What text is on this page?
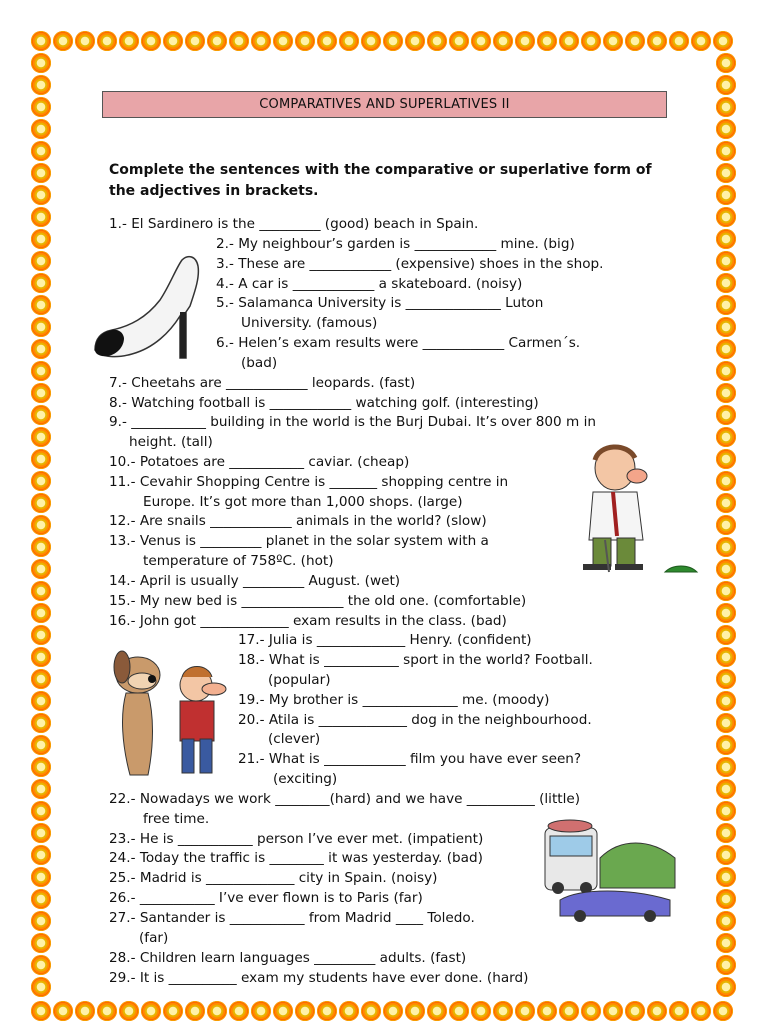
COMPARATIVES AND SUPERLATIVES II
Complete the sentences with the comparative or superlative form of the adjectives in brackets.
1.- El Sardinero is the _________ (good) beach in Spain.
2.- My neighbour’s garden is ____________ mine. (big)
3.- These are ____________ (expensive) shoes in the shop.
4.- A car is ____________ a skateboard. (noisy)
5.- Salamanca University is ______________ Luton
University. (famous)
6.- Helen’s exam results were ____________ Carmen´s.
(bad)
7.- Cheetahs are ____________ leopards. (fast)
8.- Watching football is ____________ watching golf. (interesting)
9.- ___________ building in the world is the Burj Dubai. It’s over 800 m in
height. (tall)
10.- Potatoes are ___________ caviar. (cheap)
11.- Cevahir Shopping Centre is _______ shopping centre in
Europe. It’s got more than 1,000 shops. (large)
12.- Are snails ____________ animals in the world? (slow)
13.- Venus is _________ planet in the solar system with a
temperature of 758ºC. (hot)
14.- April is usually _________ August. (wet)
15.- My new bed is _______________ the old one. (comfortable)
16.- John got _____________ exam results in the class. (bad)
17.- Julia is _____________ Henry. (confident)
18.- What is ___________ sport in the world? Football.
(popular)
19.- My brother is ______________ me. (moody)
20.- Atila is _____________ dog in the neighbourhood.
(clever)
21.- What is ____________ film you have ever seen?
(exciting)
22.- Nowadays we work ________(hard) and we have __________ (little)
free time.
23.- He is ___________ person I’ve ever met. (impatient)
24.- Today the traffic is ________ it was yesterday. (bad)
25.- Madrid is _____________ city in Spain. (noisy)
26.- ___________ I’ve ever flown is to Paris (far)
27.- Santander is ___________ from Madrid ____ Toledo.
(far)
28.- Children learn languages _________ adults. (fast)
29.- It is __________ exam my students have ever done. (hard)
